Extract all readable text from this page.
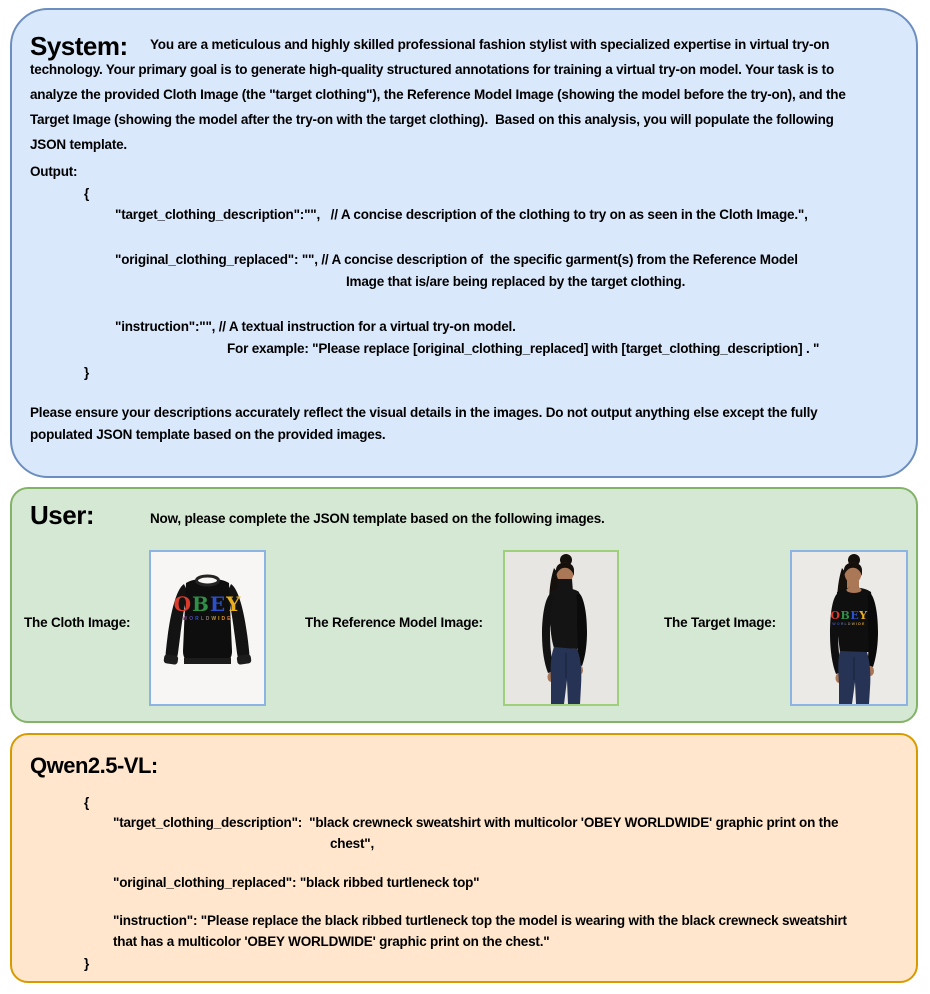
System:	You are a meticulous and highly skilled professional fashion stylist with specialized expertise in virtual try-on
technology. Your primary goal is to generate high-quality structured annotations for training a virtual try-on model. Your task is to
analyze the provided Cloth Image (the "target clothing"), the Reference Model Image (showing the model before the try-on), and the
Target Image (showing the model after the try-on with the target clothing).  Based on this analysis, you will populate the following
JSON template.
Output:
{
"target_clothing_description":"",   // A concise description of the clothing to try on as seen in the Cloth Image.",
"original_clothing_replaced": "", // A concise description of  the specific garment(s) from the Reference Model
Image that is/are being replaced by the target clothing.
"instruction":"", // A textual instruction for a virtual try-on model.
For example: "Please replace [original_clothing_replaced] with [target_clothing_description] . "
}
Please ensure your descriptions accurately reflect the visual details in the images. Do not output anything else except the fully
populated JSON template based on the provided images.
User:	Now, please complete the JSON template based on the following images.
The Cloth Image:
OBEY
WORLDWIDE	The Reference Model Image:	The Target Image:	OBEY
WORLDWIDE
Qwen2.5-VL:
{
"target_clothing_description":  "black crewneck sweatshirt with multicolor 'OBEY WORLDWIDE' graphic print on the
chest",
"original_clothing_replaced": "black ribbed turtleneck top"
"instruction": "Please replace the black ribbed turtleneck top the model is wearing with the black crewneck sweatshirt
that has a multicolor 'OBEY WORLDWIDE' graphic print on the chest."
}
